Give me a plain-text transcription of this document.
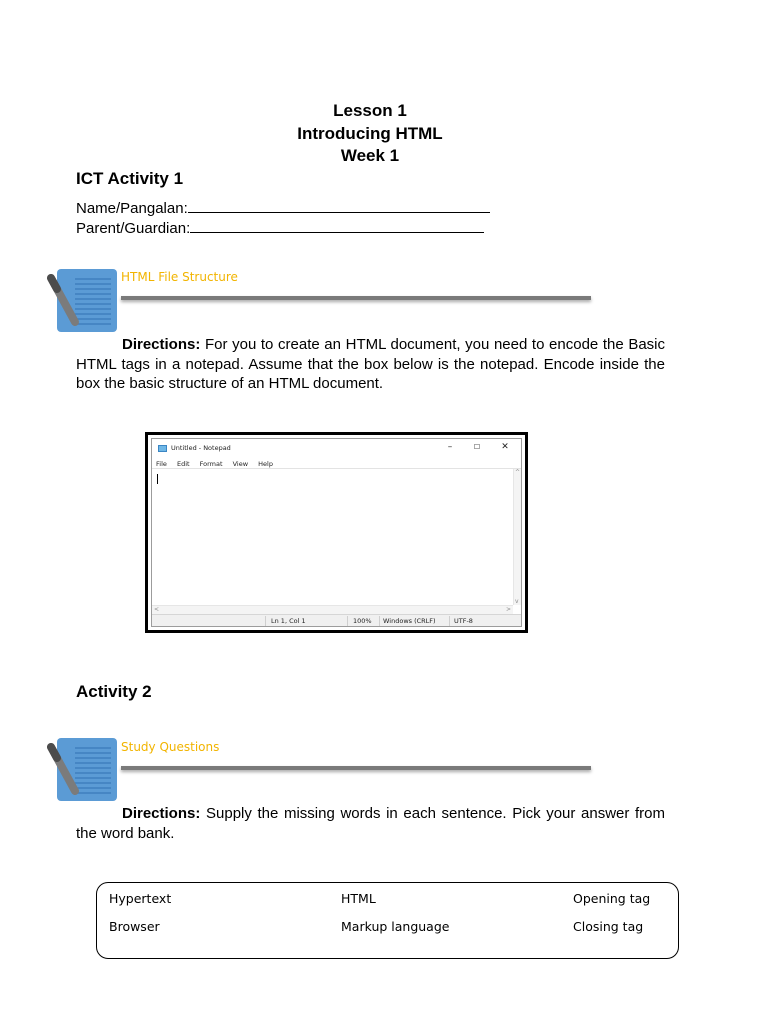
Lesson 1
Introducing HTML
Week 1
ICT Activity 1
Name/Pangalan:
Parent/Guardian:
HTML File Structure
Directions: For you to create an HTML document, you need to encode the Basic HTML tags in a notepad. Assume that the box below is the notepad. Encode inside the box the basic structure of an HTML document.
Untitled - Notepad	–	☐	✕
File Edit Format View Help
^
v
<	>
Ln 1, Col 1	100% Windows (CRLF)	UTF-8
Activity 2
Study Questions
Directions: Supply the missing words in each sentence. Pick your answer from the word bank.
Hypertext	HTML	Opening tag
Browser	Markup language	Closing tag
